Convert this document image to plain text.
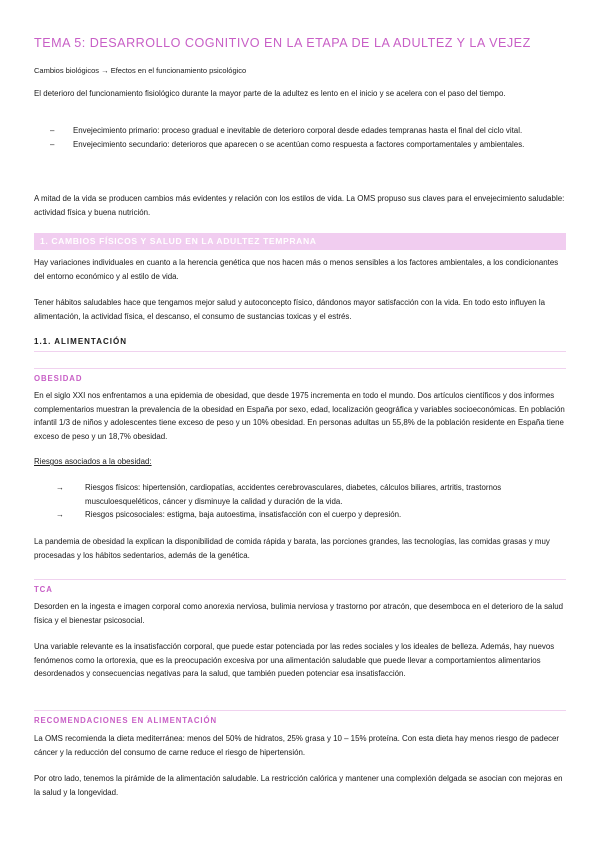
TEMA 5: DESARROLLO COGNITIVO EN LA ETAPA DE LA ADULTEZ Y LA VEJEZ

Cambios biológicos → Efectos en el funcionamiento psicológico

El deterioro del funcionamiento fisiológico durante la mayor parte de la adultez es lento en el inicio y se acelera con el paso del tiempo.

– Envejecimiento primario: proceso gradual e inevitable de deterioro corporal desde edades tempranas hasta el final del ciclo vital.
– Envejecimiento secundario: deterioros que aparecen o se acentúan como respuesta a factores comportamentales y ambientales.

A mitad de la vida se producen cambios más evidentes y relación con los estilos de vida. La OMS propuso sus claves para el envejecimiento saludable: actividad física y buena nutrición.

1. CAMBIOS FÍSICOS Y SALUD EN LA ADULTEZ TEMPRANA

Hay variaciones individuales en cuanto a la herencia genética que nos hacen más o menos sensibles a los factores ambientales, a los condicionantes del entorno económico y al estilo de vida.

Tener hábitos saludables hace que tengamos mejor salud y autoconcepto físico, dándonos mayor satisfacción con la vida. En todo esto influyen la alimentación, la actividad física, el descanso, el consumo de sustancias toxicas y el estrés.

1.1. ALIMENTACIÓN
OBESIDAD

En el siglo XXI nos enfrentamos a una epidemia de obesidad, que desde 1975 incrementa en todo el mundo. Dos artículos científicos y dos informes complementarios muestran la prevalencia de la obesidad en España por sexo, edad, localización geográfica y variables socioeconómicas. En población infantil 1/3 de niños y adolescentes tiene exceso de peso y un 10% obesidad. En personas adultas un 55,8% de la población residente en España tiene exceso de peso y un 18,7% obesidad.

Riesgos asociados a la obesidad:
→	Riesgos físicos: hipertensión, cardiopatías, accidentes cerebrovasculares, diabetes, cálculos biliares, artritis, trastornos musculoesqueléticos, cáncer y disminuye la calidad y duración de la vida.
→	Riesgos psicosociales: estigma, baja autoestima, insatisfacción con el cuerpo y depresión.

La pandemia de obesidad la explican la disponibilidad de comida rápida y barata, las porciones grandes, las tecnologías, las comidas grasas y muy procesadas y los hábitos sedentarios, además de la genética.

TCA

Desorden en la ingesta e imagen corporal como anorexia nerviosa, bulimia nerviosa y trastorno por atracón, que desemboca en el deterioro de la salud física y el bienestar psicosocial.

Una variable relevante es la insatisfacción corporal, que puede estar potenciada por las redes sociales y los ideales de belleza. Además, hay nuevos fenómenos como la ortorexia, que es la preocupación excesiva por una alimentación saludable que puede llevar a comportamientos alimentarios desordenados y consecuencias negativas para la salud, que también pueden potenciar esa insatisfacción.

RECOMENDACIONES EN ALIMENTACIÓN

La OMS recomienda la dieta mediterránea: menos del 50% de hidratos, 25% grasa y 10 – 15% proteína. Con esta dieta hay menos riesgo de padecer cáncer y la reducción del consumo de carne reduce el riesgo de hipertensión.

Por otro lado, tenemos la pirámide de la alimentación saludable. La restricción calórica y mantener una complexión delgada se asocian con mejoras en la salud y la longevidad.
